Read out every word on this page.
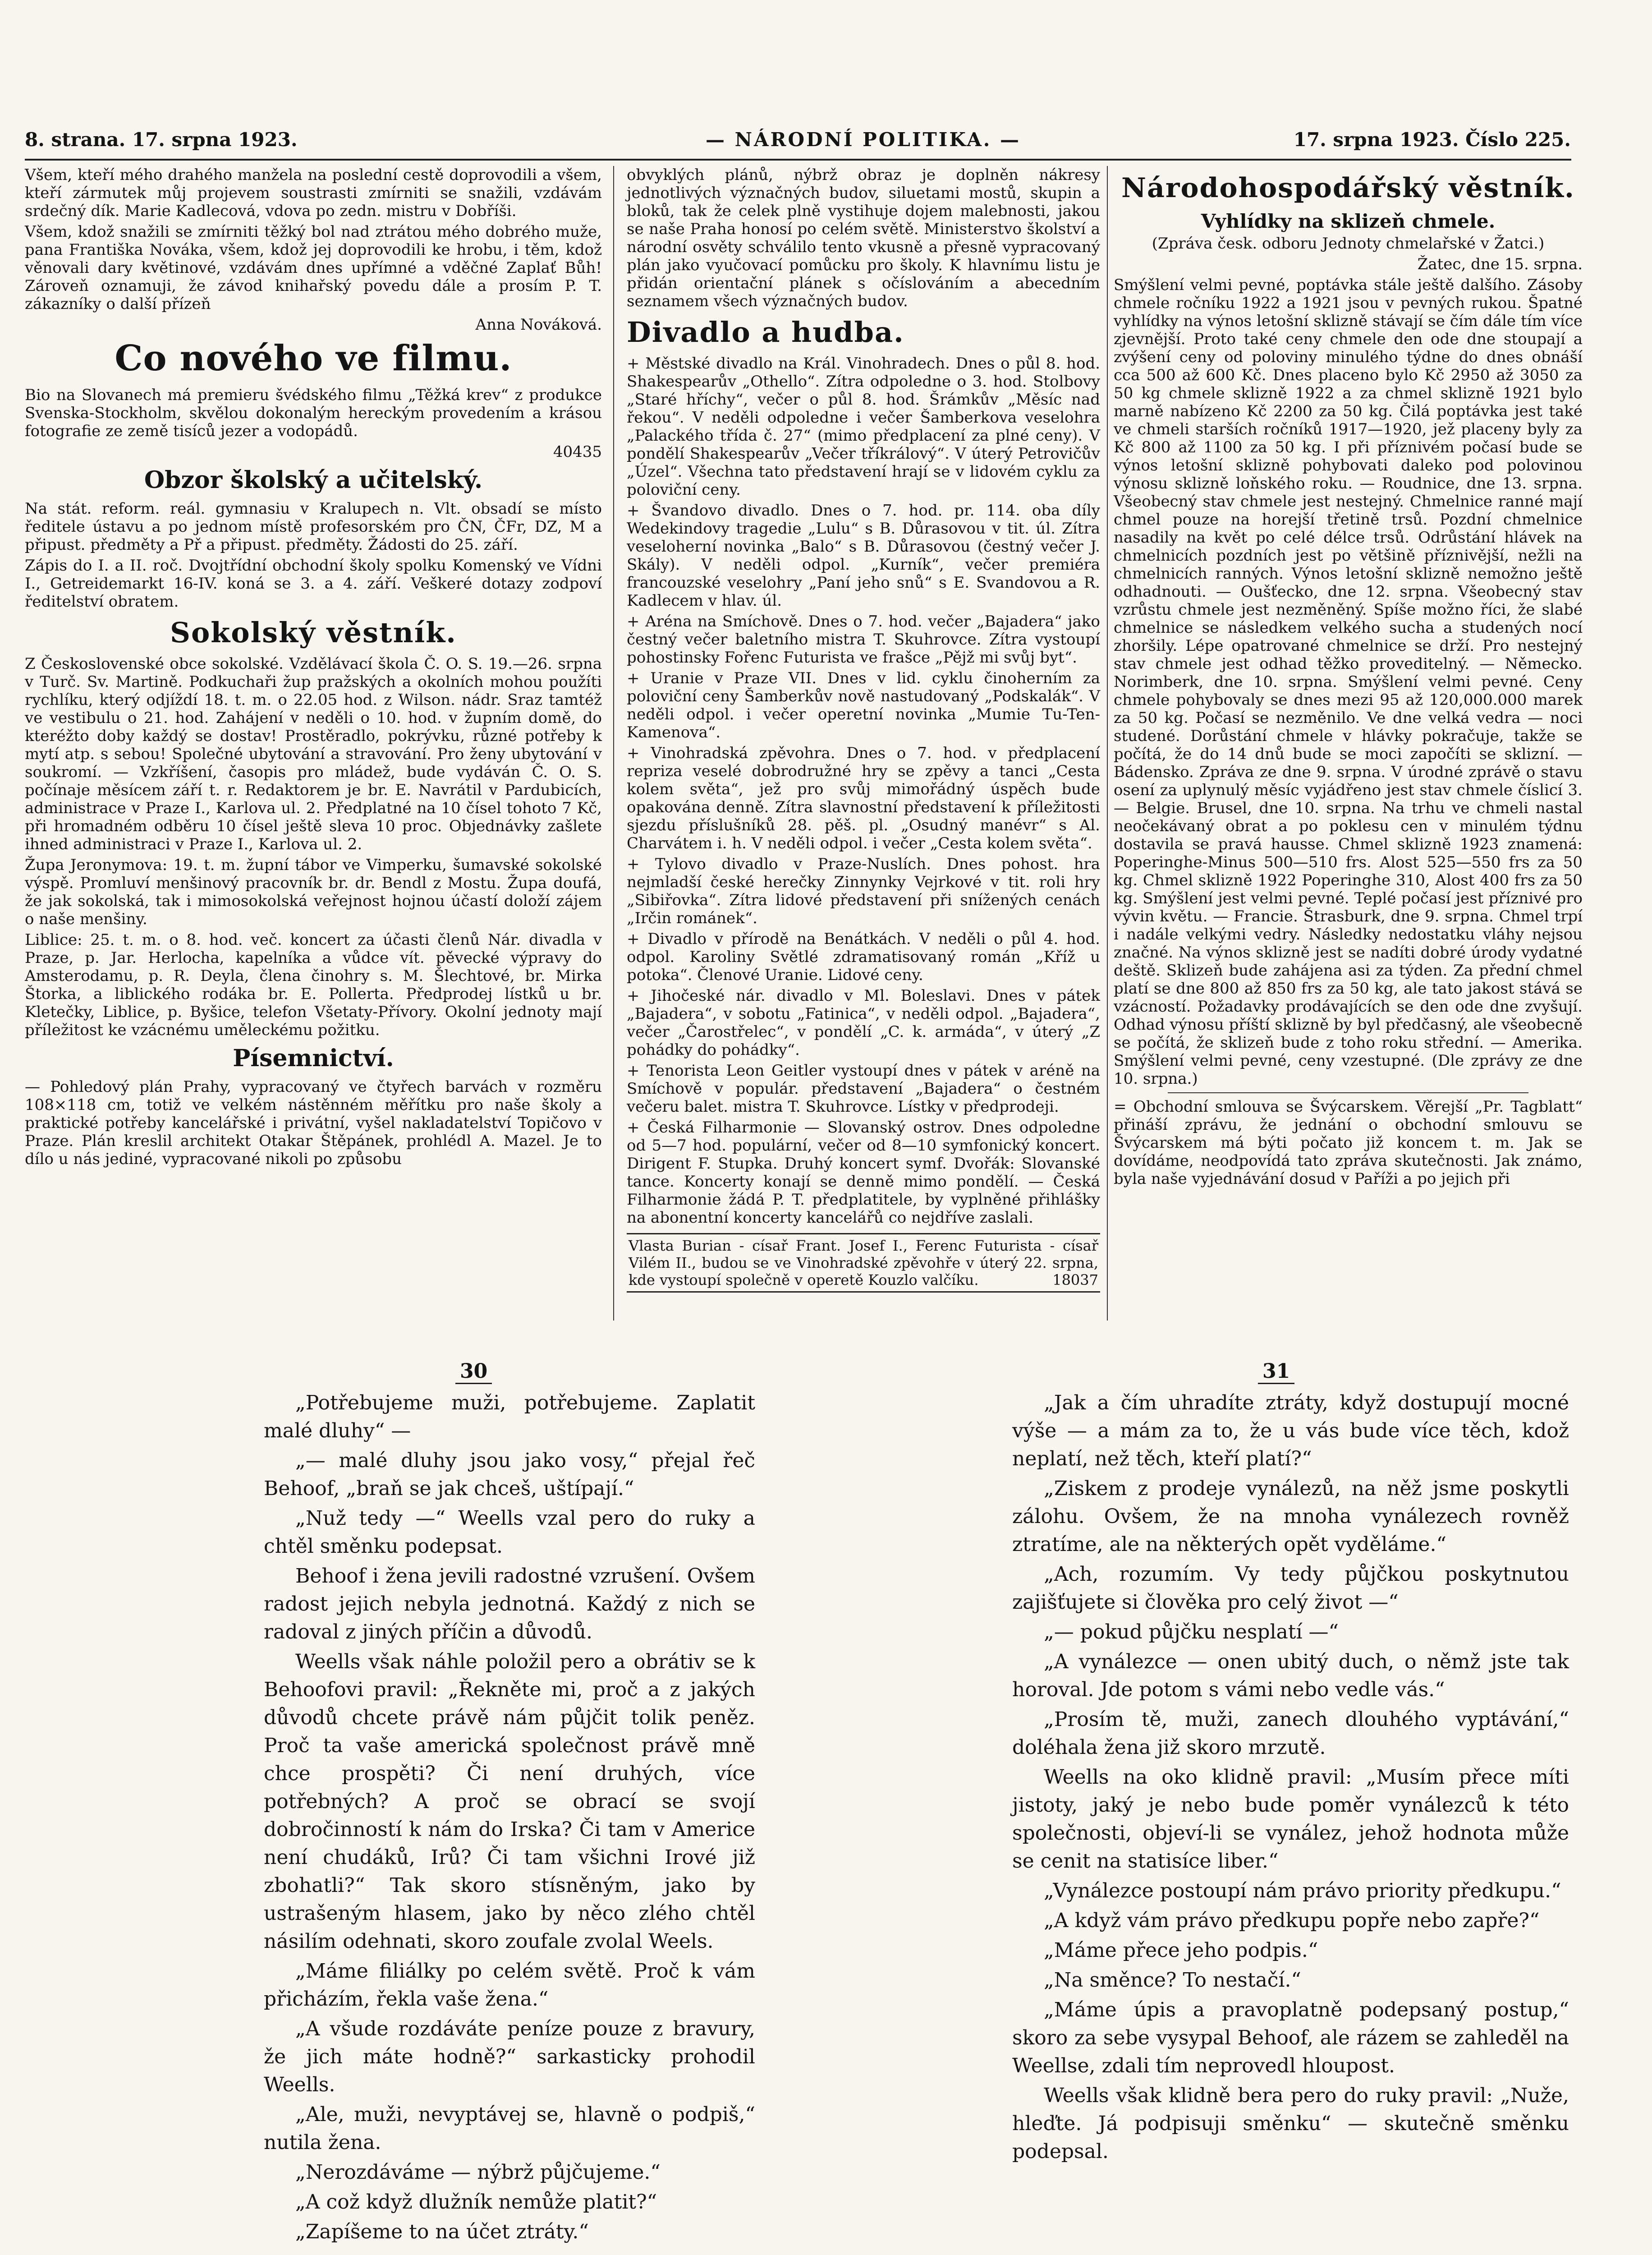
8. strana. 17. srpna 1923.	— NÁRODNÍ POLITIKA. —	17. srpna 1923. Číslo 225.

Všem, kteří mého drahého manžela na poslední cestě doprovodili a všem, kteří zármutek můj projevem soustrasti zmírniti se snažili, vzdávám srdečný dík. Marie Kadlecová, vdova po zedn. mistru v Dobříši.

Všem, kdož snažili se zmírniti těžký bol nad ztrátou mého dobrého muže, pana Františka Nováka, všem, kdož jej doprovodili ke hrobu, i těm, kdož věnovali dary květinové, vzdávám dnes upřímné a vděčné Zaplať Bůh! Zároveň oznamuji, že závod knihařský povedu dále a prosím P. T. zákazníky o další přízeň

Anna Nováková.

Co nového ve filmu.

Bio na Slovanech má premieru švédského filmu „Těžká krev“ z produkce Svenska-Stockholm, skvělou dokonalým hereckým provedením a krásou fotografie ze země tisíců jezer a vodopádů.

40435

Obzor školský a učitelský.

Na stát. reform. reál. gymnasiu v Kralupech n. Vlt. obsadí se místo ředitele ústavu a po jednom místě profesorském pro ČN, ČFr, DZ, M a připust. předměty a Př a připust. předměty. Žádosti do 25. září.

Zápis do I. a II. roč. Dvojtřídní obchodní školy spolku Komenský ve Vídni I., Getreidemarkt 16-IV. koná se 3. a 4. září. Veškeré dotazy zodpoví ředitelství obratem.

Sokolský věstník.

Z Československé obce sokolské. Vzdělávací škola Č. O. S. 19.—26. srpna v Turč. Sv. Martině. Podkuchaři žup pražských a okolních mohou použíti rychlíku, který odjíždí 18. t. m. o 22.05 hod. z Wilson. nádr. Sraz tamtéž ve vestibulu o 21. hod. Zahájení v neděli o 10. hod. v župním domě, do kteréžto doby každý se dostav! Prostěradlo, pokrývku, různé potřeby k mytí atp. s sebou! Společné ubytování a stravování. Pro ženy ubytování v soukromí. — Vzkříšení, časopis pro mládež, bude vydáván Č. O. S. počínaje měsícem září t. r. Redaktorem je br. E. Navrátil v Pardubicích, administrace v Praze I., Karlova ul. 2. Předplatné na 10 čísel tohoto 7 Kč, při hromadném odběru 10 čísel ještě sleva 10 proc. Objednávky zašlete ihned administraci v Praze I., Karlova ul. 2.

Župa Jeronymova: 19. t. m. župní tábor ve Vimperku, šumavské sokolské výspě. Promluví menšinový pracovník br. dr. Bendl z Mostu. Župa doufá, že jak sokolská, tak i mimosokolská veřejnost hojnou účastí doloží zájem o naše menšiny.

Liblice: 25. t. m. o 8. hod. več. koncert za účasti členů Nár. divadla v Praze, p. Jar. Herlocha, kapelníka a vůdce vít. pěvecké výpravy do Amsterodamu, p. R. Deyla, člena činohry s. M. Šlechtové, br. Mirka Štorka, a liblického rodáka br. E. Pollerta. Předprodej lístků u br. Kletečky, Liblice, p. Byšice, telefon Všetaty-Přívory. Okolní jednoty mají příležitost ke vzácnému uměleckému požitku.

Písemnictví.

— Pohledový plán Prahy, vypracovaný ve čtyřech barvách v rozměru 108×118 cm, totiž ve velkém nástěnném měřítku pro naše školy a praktické potřeby kancelářské i privátní, vyšel nakladatelství Topičovo v Praze. Plán kreslil architekt Otakar Štěpánek, prohlédl A. Mazel. Je to dílo u nás jediné, vypracované nikoli po způsobu

obvyklých plánů, nýbrž obraz je doplněn nákresy jednotlivých význačných budov, siluetami mostů, skupin a bloků, tak že celek plně vystihuje dojem malebnosti, jakou se naše Praha honosí po celém světě. Ministerstvo školství a národní osvěty schválilo tento vkusně a přesně vypracovaný plán jako vyučovací pomůcku pro školy. K hlavnímu listu je přidán orientační plánek s očíslováním a abecedním seznamem všech význačných budov.

Divadlo a hudba.

+ Městské divadlo na Král. Vinohradech. Dnes o půl 8. hod. Shakespearův „Othello“. Zítra odpoledne o 3. hod. Stolbovy „Staré hříchy“, večer o půl 8. hod. Šrámkův „Měsíc nad řekou“. V neděli odpoledne i večer Šamberkova veselohra „Palackého třída č. 27“ (mimo předplacení za plné ceny). V pondělí Shakespearův „Večer tříkrálový“. V úterý Petrovičův „Úzel“. Všechna tato představení hrají se v lidovém cyklu za poloviční ceny.

+ Švandovo divadlo. Dnes o 7. hod. pr. 114. oba díly Wedekindovy tragedie „Lulu“ s B. Důrasovou v tit. úl. Zítra veseloherní novinka „Balo“ s B. Důrasovou (čestný večer J. Skály). V neděli odpol. „Kurník“, večer premiéra francouzské veselohry „Paní jeho snů“ s E. Svandovou a R. Kadlecem v hlav. úl.

+ Aréna na Smíchově. Dnes o 7. hod. večer „Bajadera“ jako čestný večer baletního mistra T. Skuhrovce. Zítra vystoupí pohostinsky Fořenc Futurista ve frašce „Pějž mi svůj byt“.

+ Uranie v Praze VII. Dnes v lid. cyklu činoherním za poloviční ceny Šamberkův nově nastudovaný „Podskalák“. V neděli odpol. i večer operetní novinka „Mumie Tu-Ten-Kamenova“.

+ Vinohradská zpěvohra. Dnes o 7. hod. v předplacení repriza veselé dobrodružné hry se zpěvy a tanci „Cesta kolem světa“, jež pro svůj mimořádný úspěch bude opakována denně. Zítra slavnostní představení k příležitosti sjezdu příslušníků 28. pěš. pl. „Osudný manévr“ s Al. Charvátem i. h. V neděli odpol. i večer „Cesta kolem světa“.

+ Tylovo divadlo v Praze-Nuslích. Dnes pohost. hra nejmladší české herečky Zinnynky Vejrkové v tit. roli hry „Sibiřovka“. Zítra lidové představení při snížených cenách „Irčin románek“.

+ Divadlo v přírodě na Benátkách. V neděli o půl 4. hod. odpol. Karoliny Světlé zdramatisovaný román „Kříž u potoka“. Členové Uranie. Lidové ceny.

+ Jihočeské nár. divadlo v Ml. Boleslavi. Dnes v pátek „Bajadera“, v sobotu „Fatinica“, v neděli odpol. „Bajadera“, večer „Čarostřelec“, v pondělí „C. k. armáda“, v úterý „Z pohádky do pohádky“.

+ Tenorista Leon Geitler vystoupí dnes v pátek v aréně na Smíchově v populár. představení „Bajadera“ o čestném večeru balet. mistra T. Skuhrovce. Lístky v předprodeji.

+ Česká Filharmonie — Slovanský ostrov. Dnes odpoledne od 5—7 hod. populární, večer od 8—10 symfonický koncert. Dirigent F. Stupka. Druhý koncert symf. Dvořák: Slovanské tance. Koncerty konají se denně mimo pondělí. — Česká Filharmonie žádá P. T. předplatitele, by vyplněné přihlášky na abonentní koncerty kancelářů co nejdříve zaslali.

Vlasta Burian - císař Frant. Josef I., Ferenc Futurista - císař Vilém II., budou se ve Vinohradské zpěvohře v úterý 22. srpna, kde vystoupí společně v operetě Kouzlo valčíku.	18037
Národohospodářský věstník.
Vyhlídky na sklizeň chmele.

(Zpráva česk. odboru Jednoty chmelařské v Žatci.)

Žatec, dne 15. srpna.

Smýšlení velmi pevné, poptávka stále ještě dalšího. Zásoby chmele ročníku 1922 a 1921 jsou v pevných rukou. Špatné vyhlídky na výnos letošní sklizně stávají se čím dále tím více zjevnější. Proto také ceny chmele den ode dne stoupají a zvýšení ceny od poloviny minulého týdne do dnes obnáší cca 500 až 600 Kč. Dnes placeno bylo Kč 2950 až 3050 za 50 kg chmele sklizně 1922 a za chmel sklizně 1921 bylo marně nabízeno Kč 2200 za 50 kg. Čilá poptávka jest také ve chmeli starších ročníků 1917—1920, jež placeny byly za Kč 800 až 1100 za 50 kg. I při příznivém počasí bude se výnos letošní sklizně pohybovati daleko pod polovinou výnosu sklizně loňského roku. — Roudnice, dne 13. srpna. Všeobecný stav chmele jest nestejný. Chmelnice ranné mají chmel pouze na horejší třetině trsů. Pozdní chmelnice nasadily na květ po celé délce trsů. Odrůstání hlávek na chmelnicích pozdních jest po většině příznivější, nežli na chmelnicích ranných. Výnos letošní sklizně nemožno ještě odhadnouti. — Oušťecko, dne 12. srpna. Všeobecný stav vzrůstu chmele jest nezměněný. Spíše možno říci, že slabé chmelnice se následkem velkého sucha a studených nocí zhoršily. Lépe opatrované chmelnice se drží. Pro nestejný stav chmele jest odhad těžko proveditelný. — Německo. Norimberk, dne 10. srpna. Smýšlení velmi pevné. Ceny chmele pohybovaly se dnes mezi 95 až 120,000.000 marek za 50 kg. Počasí se nezměnilo. Ve dne velká vedra — noci studené. Dorůstání chmele v hlávky pokračuje, takže se počítá, že do 14 dnů bude se moci započíti se sklizní. — Bádensko. Zpráva ze dne 9. srpna. V úrodné zprávě o stavu osení za uplynulý měsíc vyjádřeno jest stav chmele číslicí 3. — Belgie. Brusel, dne 10. srpna. Na trhu ve chmeli nastal neočekávaný obrat a po poklesu cen v minulém týdnu dostavila se pravá hausse. Chmel sklizně 1923 znamená: Poperinghe-Minus 500—510 frs. Alost 525—550 frs za 50 kg. Chmel sklizně 1922 Poperinghe 310, Alost 400 frs za 50 kg. Smýšlení jest velmi pevné. Teplé počasí jest příznivé pro vývin květu. — Francie. Štrasburk, dne 9. srpna. Chmel trpí i nadále velkými vedry. Následky nedostatku vláhy nejsou značné. Na výnos sklizně jest se nadíti dobré úrody vydatné deště. Sklizeň bude zahájena asi za týden. Za přední chmel platí se dne 800 až 850 frs za 50 kg, ale tato jakost stává se vzácností. Požadavky prodávajících se den ode dne zvyšují. Odhad výnosu příští sklizně by byl předčasný, ale všeobecně se počítá, že sklizeň bude z toho roku střední. — Amerika. Smýšlení velmi pevné, ceny vzestupné. (Dle zprávy ze dne 10. srpna.)

= Obchodní smlouva se Švýcarskem. Věrejší „Pr. Tagblatt“ přináší zprávu, že jednání o obchodní smlouvu se Švýcarskem má býti počato již koncem t. m. Jak se dovídáme, neodpovídá tato zpráva skutečnosti. Jak známo, byla naše vyjednávání dosud v Paříži a po jejich při

30	31

„Potřebujeme muži, potřebujeme. Zaplatit malé dluhy“ —

„— malé dluhy jsou jako vosy,“ přejal řeč Behoof, „braň se jak chceš, uštípají.“

„Nuž tedy —“ Weells vzal pero do ruky a chtěl směnku podepsat.

Behoof i žena jevili radostné vzrušení. Ovšem radost jejich nebyla jednotná. Každý z nich se radoval z jiných příčin a důvodů.

Weells však náhle položil pero a obrátiv se k Behoofovi pravil: „Řekněte mi, proč a z jakých důvodů chcete právě nám půjčit tolik peněz. Proč ta vaše americká společnost právě mně chce prospěti? Či není druhých, více potřebných? A proč se obrací se svojí dobročinností k nám do Irska? Či tam v Americe není chudáků, Irů? Či tam všichni Irové již zbohatli?“ Tak skoro stísněným, jako by ustrašeným hlasem, jako by něco zlého chtěl násilím odehnati, skoro zoufale zvolal Weels.

„Máme filiálky po celém světě. Proč k vám přicházím, řekla vaše žena.“

„A všude rozdáváte peníze pouze z bravury, že jich máte hodně?“ sarkasticky prohodil Weells.

„Ale, muži, nevyptávej se, hlavně o podpiš,“ nutila žena.

„Nerozdáváme — nýbrž půjčujeme.“

„A což když dlužník nemůže platit?“

„Zapíšeme to na účet ztráty.“

„Jak a čím uhradíte ztráty, když dostupují mocné výše — a mám za to, že u vás bude více těch, kdož neplatí, než těch, kteří platí?“

„Ziskem z prodeje vynálezů, na něž jsme poskytli zálohu. Ovšem, že na mnoha vynálezech rovněž ztratíme, ale na některých opět vyděláme.“

„Ach, rozumím. Vy tedy půjčkou poskytnutou zajišťujete si člověka pro celý život —“

„— pokud půjčku nesplatí —“

„A vynálezce — onen ubitý duch, o němž jste tak horoval. Jde potom s vámi nebo vedle vás.“

„Prosím tě, muži, zanech dlouhého vyptávání,“ doléhala žena již skoro mrzutě.

Weells na oko klidně pravil: „Musím přece míti jistoty, jaký je nebo bude poměr vynálezců k této společnosti, objeví-li se vynález, jehož hodnota může se cenit na statisíce liber.“

„Vynálezce postoupí nám právo priority předkupu.“

„A když vám právo předkupu popře nebo zapře?“

„Máme přece jeho podpis.“

„Na směnce? To nestačí.“

„Máme úpis a pravoplatně podepsaný postup,“ skoro za sebe vysypal Behoof, ale rázem se zahleděl na Weellse, zdali tím neprovedl hloupost.

Weells však klidně bera pero do ruky pravil: „Nuže, hleďte. Já podpisuji směnku“ — skutečně směnku podepsal.
